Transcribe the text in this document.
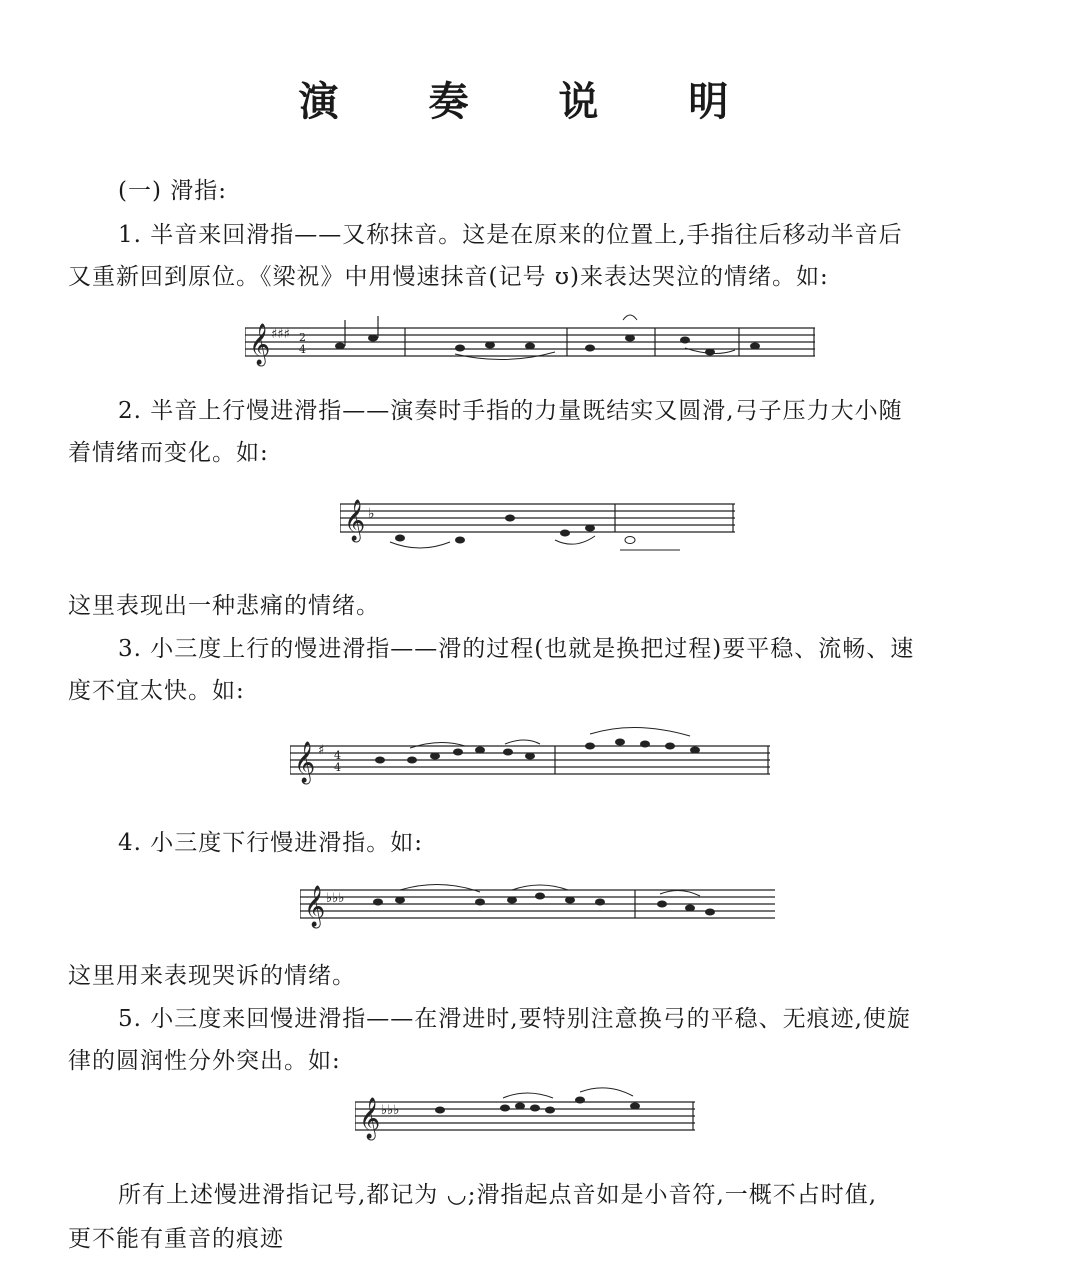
演 奏 说 明
(一) 滑指:
1. 半音来回滑指——又称抹音。这是在原来的位置上,手指往后移动半音后
又重新回到原位。《梁祝》中用慢速抹音(记号 ʊ)来表达哭泣的情绪。如:
𝄞 ♯♯♯ 2
4
2. 半音上行慢进滑指——演奏时手指的力量既结实又圆滑,弓子压力大小随
着情绪而变化。如:
𝄞 ♭
这里表现出一种悲痛的情绪。
3. 小三度上行的慢进滑指——滑的过程(也就是换把过程)要平稳、流畅、速
度不宜太快。如:
𝄞 ♯ 4
4
4. 小三度下行慢进滑指。如:
𝄞 ♭♭♭
这里用来表现哭诉的情绪。
5. 小三度来回慢进滑指——在滑进时,要特别注意换弓的平稳、无痕迹,使旋
律的圆润性分外突出。如:
𝄞 ♭♭♭
所有上述慢进滑指记号,都记为 ◡;滑指起点音如是小音符,一概不占时值,
更不能有重音的痕迹
